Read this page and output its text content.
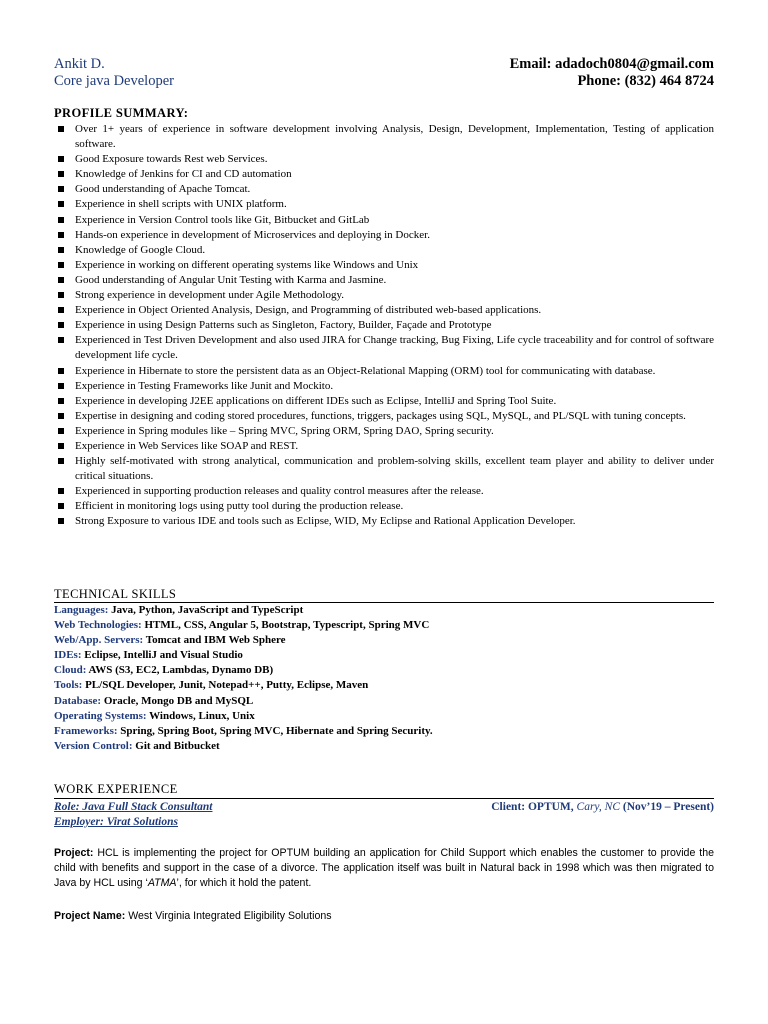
Ankit D.
Core java Developer
Email: adadoch0804@gmail.com
Phone: (832) 464 8724
PROFILE SUMMARY:
Over 1+ years of experience in software development involving Analysis, Design, Development, Implementation, Testing of application software.
Good Exposure towards Rest web Services.
Knowledge of Jenkins for CI and CD automation
Good understanding of Apache Tomcat.
Experience in shell scripts with UNIX platform.
Experience in Version Control tools like Git, Bitbucket and GitLab
Hands-on experience in development of Microservices and deploying in Docker.
Knowledge of Google Cloud.
Experience in working on different operating systems like Windows and Unix
Good understanding of Angular Unit Testing with Karma and Jasmine.
Strong experience in development under Agile Methodology.
Experience in Object Oriented Analysis, Design, and Programming of distributed web-based applications.
Experience in using Design Patterns such as Singleton, Factory, Builder, Façade and Prototype
Experienced in Test Driven Development and also used JIRA for Change tracking, Bug Fixing, Life cycle traceability and for control of software development life cycle.
Experience in Hibernate to store the persistent data as an Object-Relational Mapping (ORM) tool for communicating with database.
Experience in Testing Frameworks like Junit and Mockito.
Experience in developing J2EE applications on different IDEs such as Eclipse, IntelliJ and Spring Tool Suite.
Expertise in designing and coding stored procedures, functions, triggers, packages using SQL, MySQL, and PL/SQL with tuning concepts.
Experience in Spring modules like – Spring MVC, Spring ORM, Spring DAO, Spring security.
Experience in Web Services like SOAP and REST.
Highly self-motivated with strong analytical, communication and problem-solving skills, excellent team player and ability to deliver under critical situations.
Experienced in supporting production releases and quality control measures after the release.
Efficient in monitoring logs using putty tool during the production release.
Strong Exposure to various IDE and tools such as Eclipse, WID, My Eclipse and Rational Application Developer.
TECHNICAL SKILLS
Languages: Java, Python, JavaScript and TypeScript
Web Technologies: HTML, CSS, Angular 5, Bootstrap, Typescript, Spring MVC
Web/App. Servers: Tomcat and IBM Web Sphere
IDEs: Eclipse, IntelliJ and Visual Studio
Cloud: AWS (S3, EC2, Lambdas, Dynamo DB)
Tools: PL/SQL Developer, Junit, Notepad++, Putty, Eclipse, Maven
Database: Oracle, Mongo DB and MySQL
Operating Systems: Windows, Linux, Unix
Frameworks: Spring, Spring Boot, Spring MVC, Hibernate and Spring Security.
Version Control: Git and Bitbucket
WORK EXPERIENCE
Role: Java Full Stack Consultant	Client: OPTUM, Cary, NC (Nov’19 – Present)
Employer: Virat Solutions
Project: HCL is implementing the project for OPTUM building an application for Child Support which enables the customer to provide the child with benefits and support in the case of a divorce. The application itself was built in Natural back in 1998 which was then migrated to Java by HCL using ‘ATMA’, for which it hold the patent.
Project Name: West Virginia Integrated Eligibility Solutions
